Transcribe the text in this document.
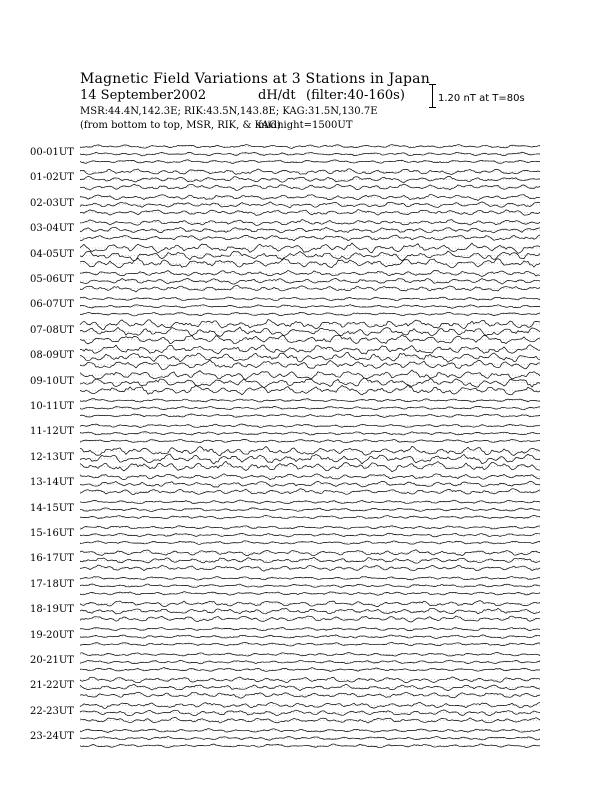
Magnetic Field Variations at 3 Stations in Japan
14 September2002	dH/dt (filter:40-160s)
MSR:44.4N,142.3E; RIK:43.5N,143.8E; KAG:31.5N,130.7E
(from bottom to top, MSR, RIK, & KAG)
midnight=1500UT
1.20 nT at T=80s
00-01UT
01-02UT
02-03UT
03-04UT
04-05UT
05-06UT
06-07UT
07-08UT
08-09UT
09-10UT
10-11UT
11-12UT
12-13UT
13-14UT
14-15UT
15-16UT
16-17UT
17-18UT
18-19UT
19-20UT
20-21UT
21-22UT
22-23UT
23-24UT
